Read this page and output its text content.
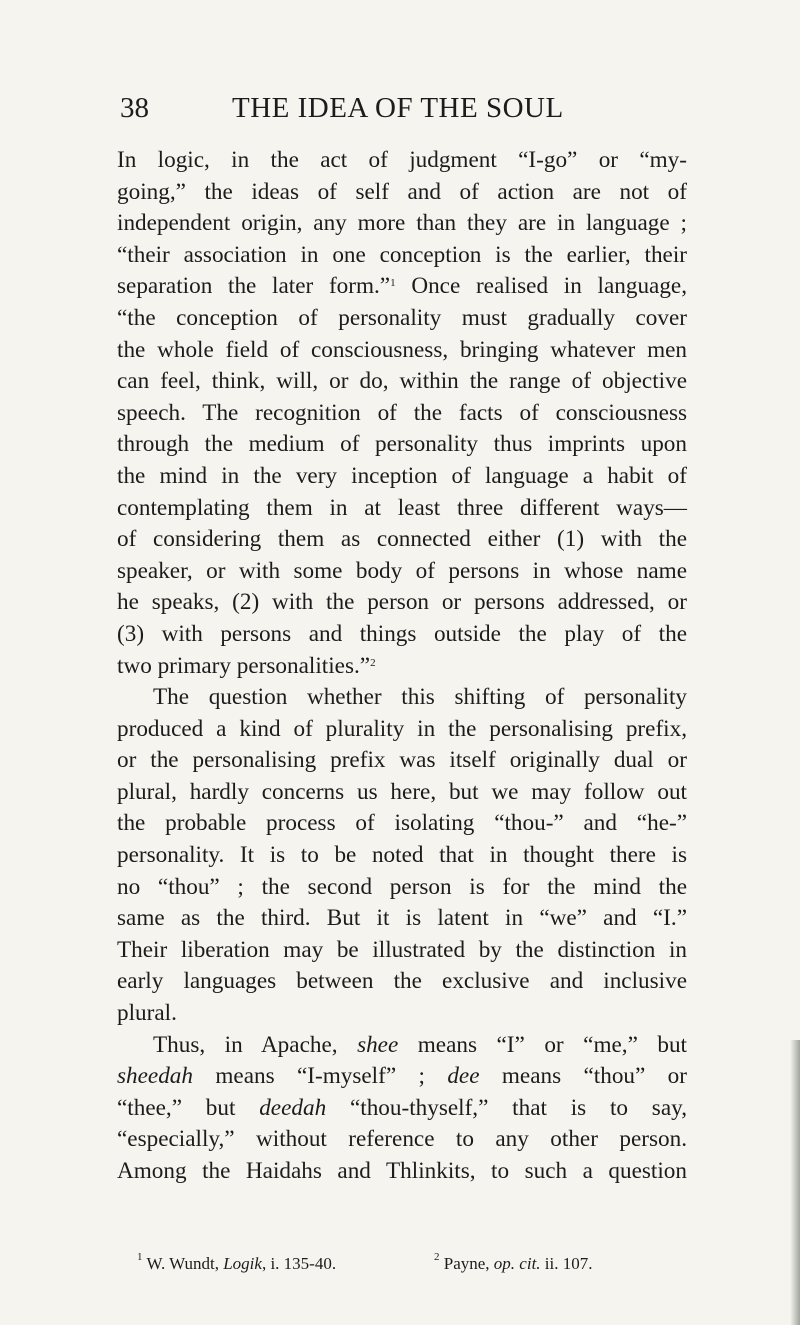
38	THE IDEA OF THE SOUL
In logic, in the act of judgment “I-go” or “my-
going,” the ideas of self and of action are not of
independent origin, any more than they are in language ;
“their association in one conception is the earlier, their
separation the later form.”$^1$ Once realised in language,
“the conception of personality must gradually cover
the whole field of consciousness, bringing whatever men
can feel, think, will, or do, within the range of objective
speech. The recognition of the facts of consciousness
through the medium of personality thus imprints upon
the mind in the very inception of language a habit of
contemplating them in at least three different ways—
of considering them as connected either (1) with the
speaker, or with some body of persons in whose name
he speaks, (2) with the person or persons addressed, or
(3) with persons and things outside the play of the
two primary personalities.”$^2$
The question whether this shifting of personality
produced a kind of plurality in the personalising prefix,
or the personalising prefix was itself originally dual or
plural, hardly concerns us here, but we may follow out
the probable process of isolating “thou-” and “he-”
personality. It is to be noted that in thought there is
no “thou” ; the second person is for the mind the
same as the third. But it is latent in “we” and “I.”
Their liberation may be illustrated by the distinction in
early languages between the exclusive and inclusive
plural.
Thus, in Apache, shee means “I” or “me,” but
sheedah means “I-myself” ; dee means “thou” or
“thee,” but deedah “thou-thyself,” that is to say,
“especially,” without reference to any other person.
Among the Haidahs and Thlinkits, to such a question
$^1$ W. Wundt, Logik, i. 135-40.	$^2$ Payne, op. cit. ii. 107.
